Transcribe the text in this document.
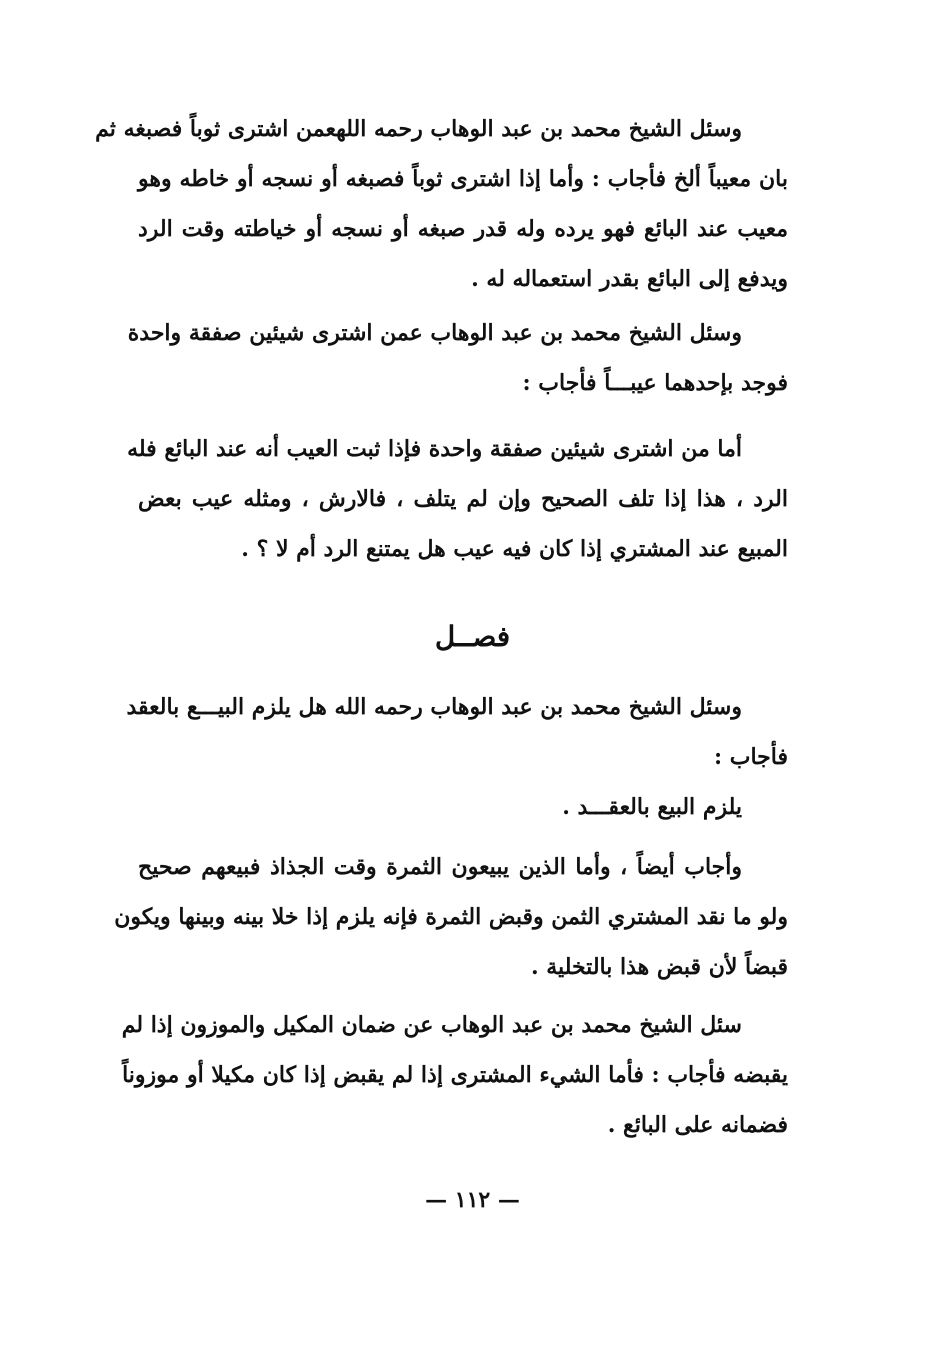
وسئل الشيخ محمد بن عبد الوهاب رحمه اللهعمن اشترى ثوباً فصبغه ثم
بان معيباً ألخ فأجاب : وأما إذا اشترى ثوباً فصبغه أو نسجه أو خاطه وهو
معيب عند البائع فهو يرده وله قدر صبغه أو نسجه أو خياطته وقت الرد
ويدفع إلى البائع بقدر استعماله له .
وسئل الشيخ محمد بن عبد الوهاب عمن اشترى شيئين صفقة واحدة
فوجد بإحدهما عيبـــاً فأجاب :
أما من اشترى شيئين صفقة واحدة فإذا ثبت العيب أنه عند البائع فله
الرد ، هذا إذا تلف الصحيح وإن لم يتلف ، فالارش ، ومثله عيب بعض
المبيع عند المشتري إذا كان فيه عيب هل يمتنع الرد أم لا ؟ .
فصــل
وسئل الشيخ محمد بن عبد الوهاب رحمه الله هل يلزم البيـــع بالعقد
فأجاب :
يلزم البيع بالعقـــد .
وأجاب أيضاً ، وأما الذين يبيعون الثمرة وقت الجذاذ فبيعهم صحيح
ولو ما نقد المشتري الثمن وقبض الثمرة فإنه يلزم إذا خلا بينه وبينها ويكون
قبضاً لأن قبض هذا بالتخلية .
سئل الشيخ محمد بن عبد الوهاب عن ضمان المكيل والموزون إذا لم
يقبضه فأجاب : فأما الشيء المشترى إذا لم يقبض إذا كان مكيلا أو موزوناً
فضمانه على البائع .
— ١١٢ —
